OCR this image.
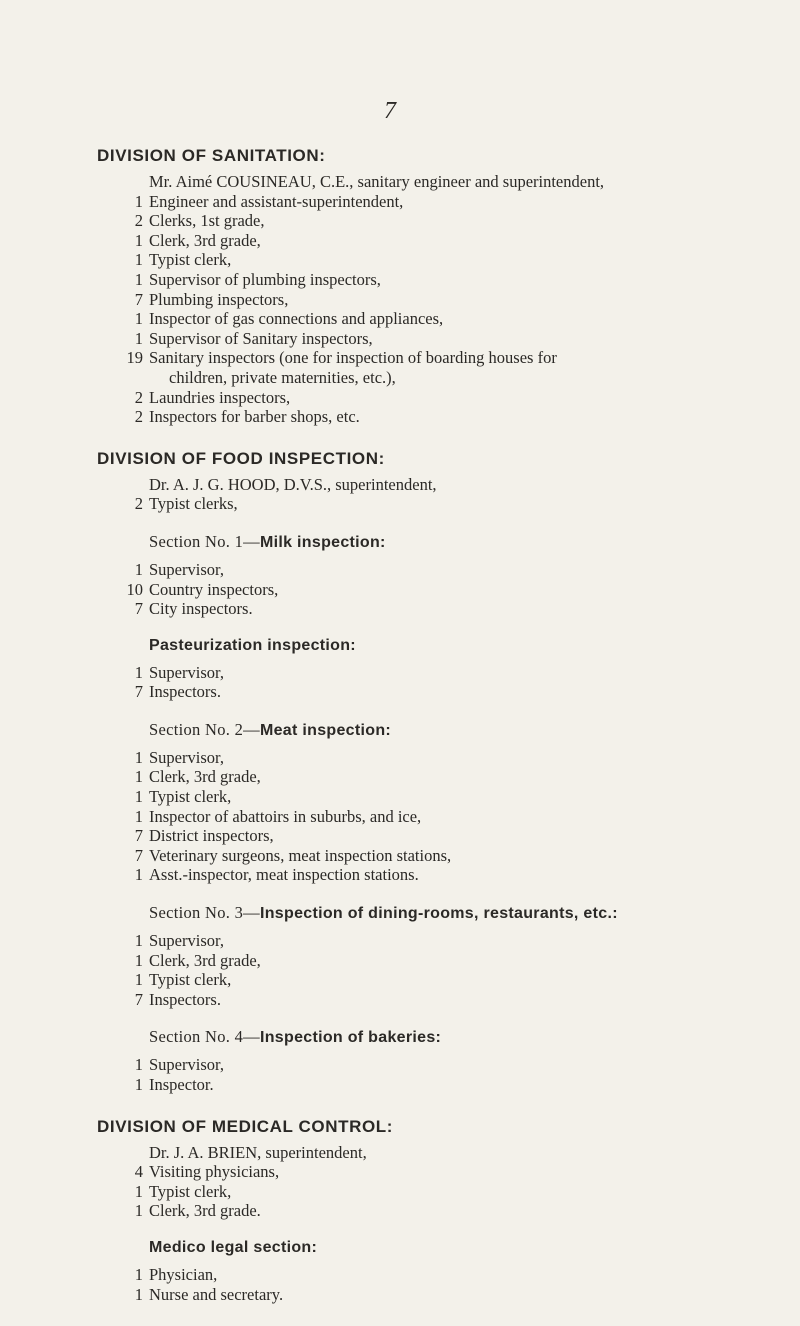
7
DIVISION OF SANITATION:
Mr. Aimé COUSINEAU, C.E., sanitary engineer and superintendent,
1 Engineer and assistant-superintendent,
2 Clerks, 1st grade,
1 Clerk, 3rd grade,
1 Typist clerk,
1 Supervisor of plumbing inspectors,
7 Plumbing inspectors,
1 Inspector of gas connections and appliances,
1 Supervisor of Sanitary inspectors,
19 Sanitary inspectors (one for inspection of boarding houses for
children, private maternities, etc.),
2 Laundries inspectors,
2 Inspectors for barber shops, etc.
DIVISION OF FOOD INSPECTION:
Dr. A. J. G. HOOD, D.V.S., superintendent,
2 Typist clerks,
Section No. 1—Milk inspection:
1 Supervisor,
10 Country inspectors,
7 City inspectors.
Pasteurization inspection:
1 Supervisor,
7 Inspectors.
Section No. 2—Meat inspection:
1 Supervisor,
1 Clerk, 3rd grade,
1 Typist clerk,
1 Inspector of abattoirs in suburbs, and ice,
7 District inspectors,
7 Veterinary surgeons, meat inspection stations,
1 Asst.-inspector, meat inspection stations.
Section No. 3—Inspection of dining-rooms, restaurants, etc.:
1 Supervisor,
1 Clerk, 3rd grade,
1 Typist clerk,
7 Inspectors.
Section No. 4—Inspection of bakeries:
1 Supervisor,
1 Inspector.
DIVISION OF MEDICAL CONTROL:
Dr. J. A. BRIEN, superintendent,
4 Visiting physicians,
1 Typist clerk,
1 Clerk, 3rd grade.
Medico legal section:
1 Physician,
1 Nurse and secretary.
